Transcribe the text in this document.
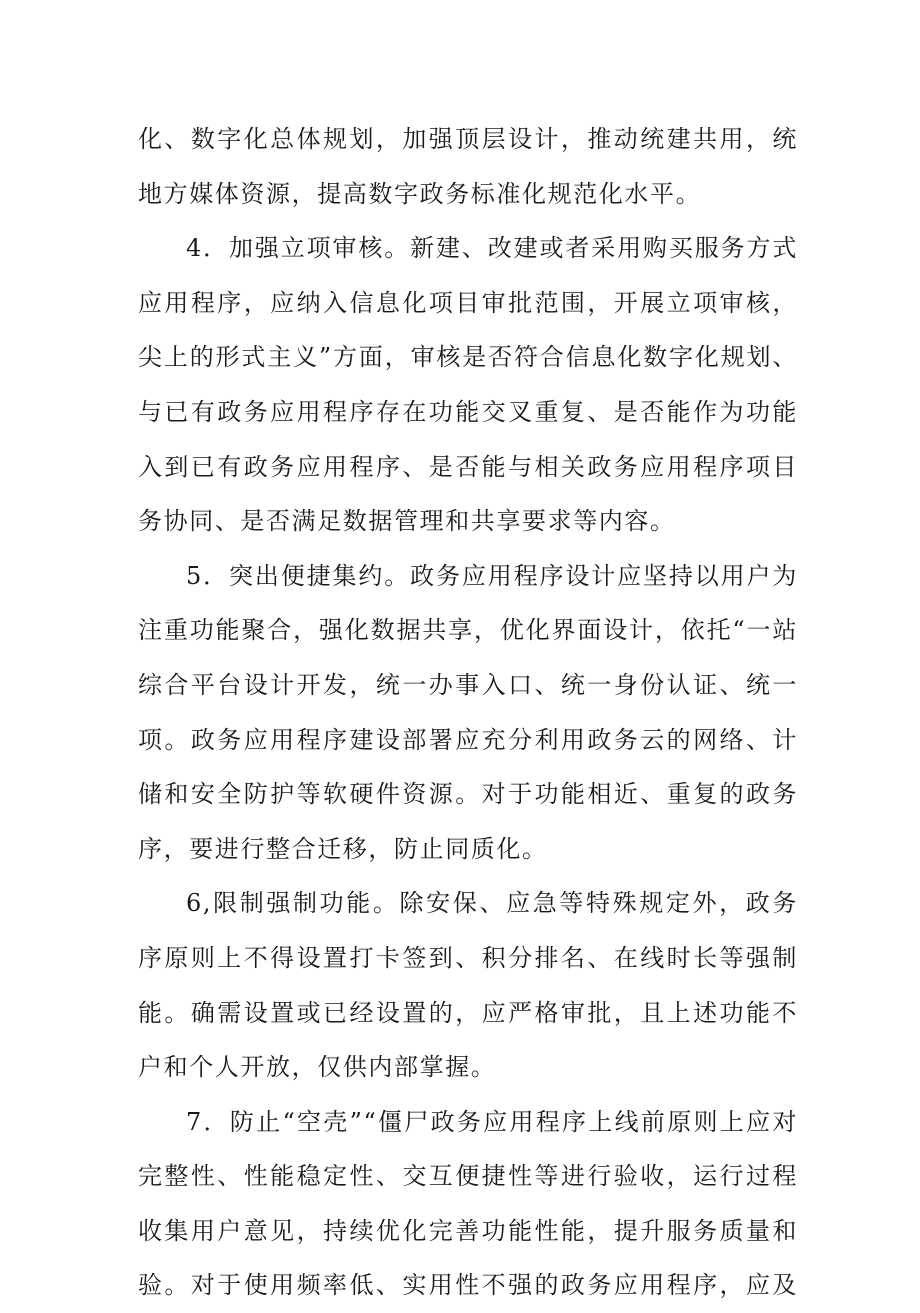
化、数字化总体规划，加强顶层设计，推动统建共用，统
地方媒体资源，提高数字政务标准化规范化水平。
4．加强立项审核。新建、改建或者采用购买服务方式
应用程序，应纳入信息化项目审批范围，开展立项审核，
尖上的形式主义”方面，审核是否符合信息化数字化规划、
与已有政务应用程序存在功能交叉重复、是否能作为功能
入到已有政务应用程序、是否能与相关政务应用程序项目
务协同、是否满足数据管理和共享要求等内容。
5．突出便捷集约。政务应用程序设计应坚持以用户为
注重功能聚合，强化数据共享，优化界面设计，依托“一站
综合平台设计开发，统一办事入口、统一身份认证、统一
项。政务应用程序建设部署应充分利用政务云的网络、计
储和安全防护等软硬件资源。对于功能相近、重复的政务
序，要进行整合迁移，防止同质化。
6,限制强制功能。除安保、应急等特殊规定外，政务
序原则上不得设置打卡签到、积分排名、在线时长等强制
能。确需设置或已经设置的，应严格审批，且上述功能不
户和个人开放，仅供内部掌握。
7．防止“空壳”“僵尸政务应用程序上线前原则上应对
完整性、性能稳定性、交互便捷性等进行验收，运行过程
收集用户意见，持续优化完善功能性能，提升服务质量和
验。对于使用频率低、实用性不强的政务应用程序，应及
